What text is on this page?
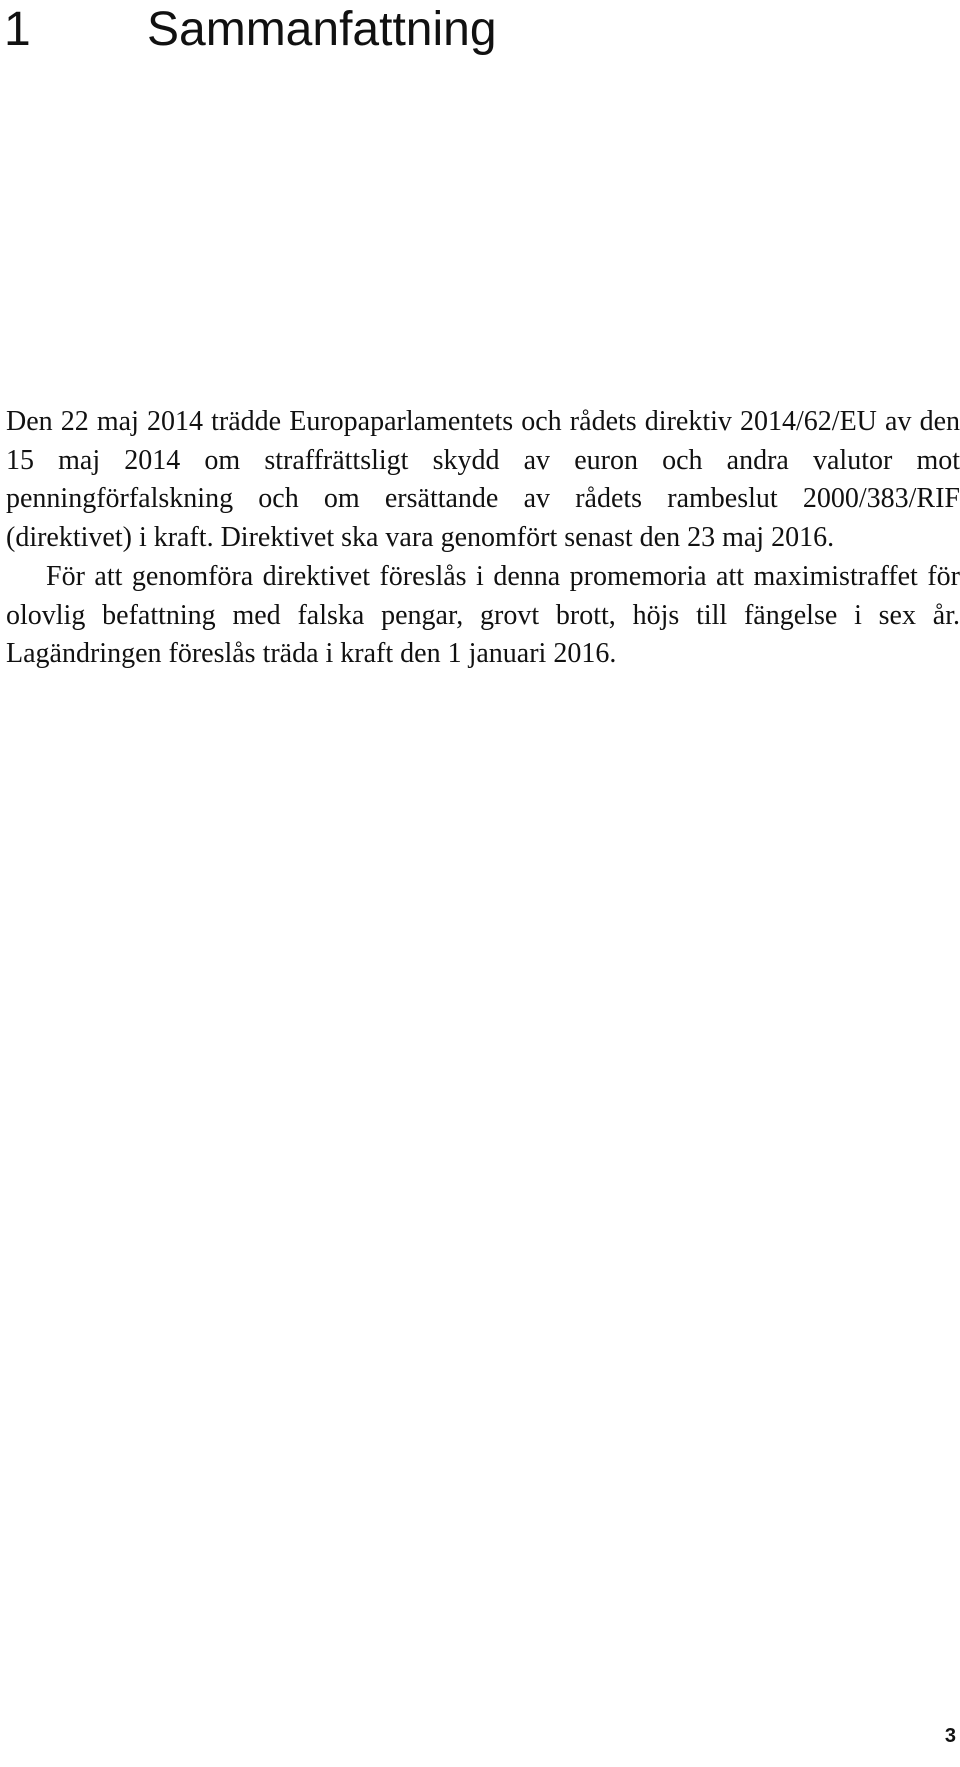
1	Sammanfattning

Den 22 maj 2014 trädde Europaparlamentets och rådets direktiv 2014/62/EU av den 15 maj 2014 om straffrättsligt skydd av euron och andra valutor mot penningförfalskning och om ersättande av rådets rambeslut 2000/383/RIF (direktivet) i kraft. Direktivet ska vara genomfört senast den 23 maj 2016.

För att genomföra direktivet föreslås i denna promemoria att maximistraffet för olovlig befattning med falska pengar, grovt brott, höjs till fängelse i sex år. Lagändringen föreslås träda i kraft den 1 januari 2016.

3
